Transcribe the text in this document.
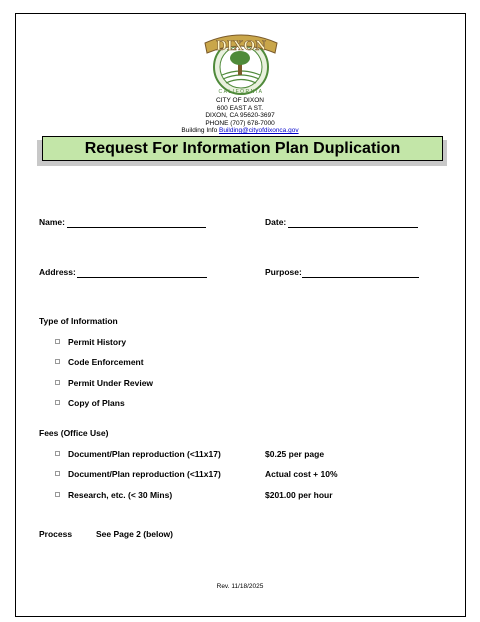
DIXON
CALIFORNIA
CITY OF DIXON
600 EAST A ST.
DIXON, CA 95620-3697
PHONE (707) 678-7000
Building Info Building@cityofdixonca.gov
Request For Information Plan Duplication
Name:	Date:
Address:	Purpose:
Type of Information
Permit History
Code Enforcement
Permit Under Review
Copy of Plans
Fees (Office Use)
Document/Plan reproduction (<11x17)	$0.25 per page
Document/Plan reproduction (<11x17)	Actual cost + 10%
Research, etc. (< 30 Mins)	$201.00 per hour
Process	See Page 2 (below)
Rev. 11/18/2025
